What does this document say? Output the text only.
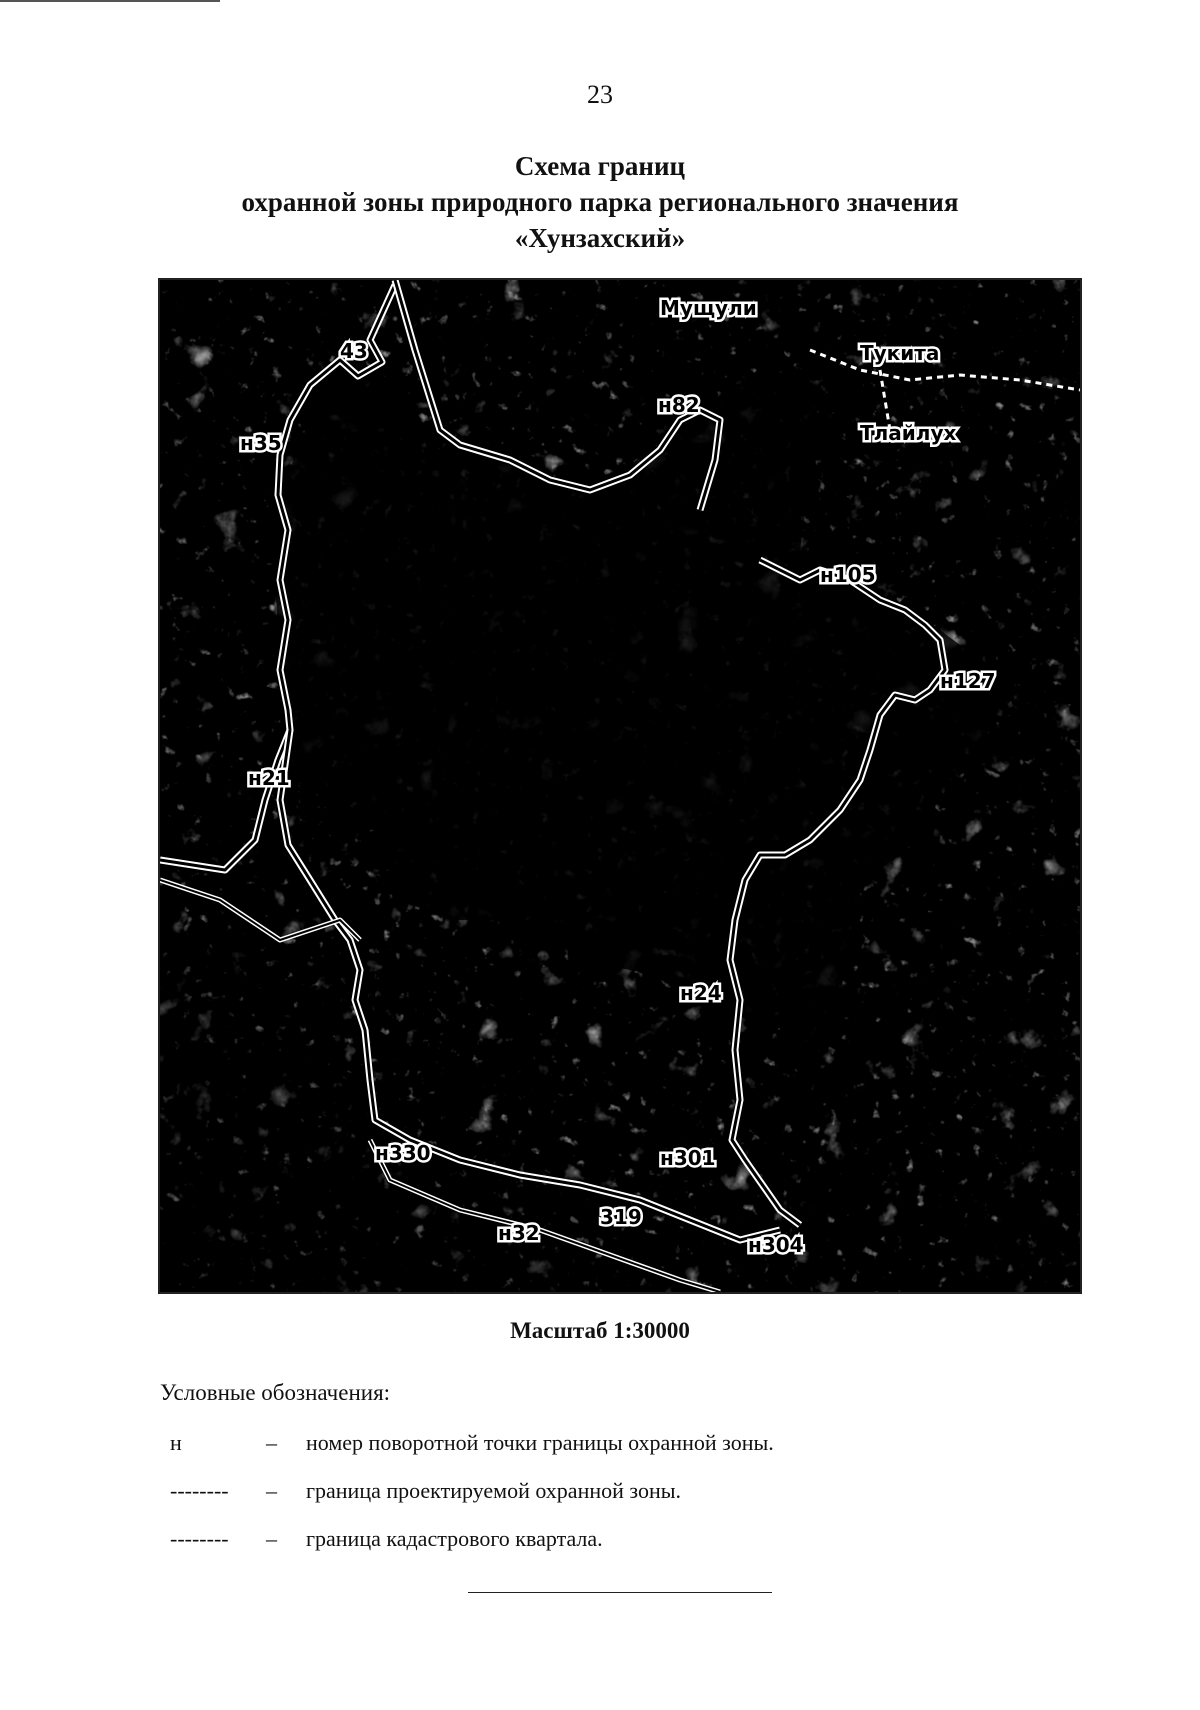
23
Схема границ
охранной зоны природного парка регионального значения
«Хунзахский»
43
н35
н82
н105
н127
н21
н24
н330	н301
н32
319
н304
Мущули
Тукита
Тлайлух
Масштаб 1:30000
Условные обозначения:
н	– номер поворотной точки границы охранной зоны.
-------- – граница проектируемой охранной зоны.
-------- – граница кадастрового квартала.
